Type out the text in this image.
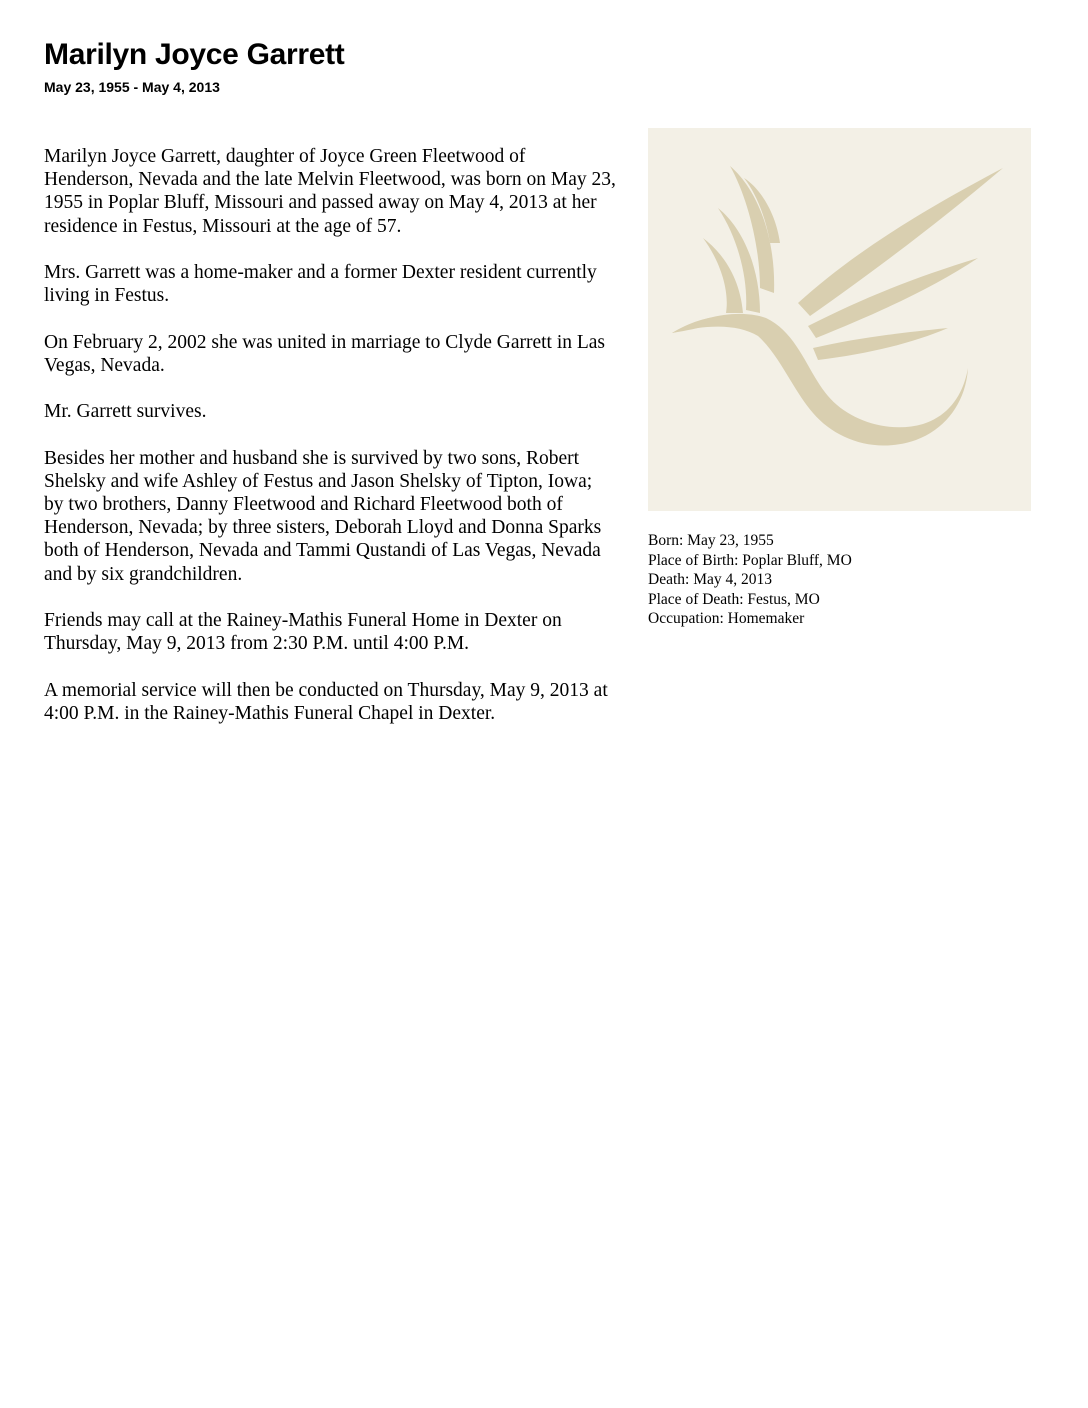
Marilyn Joyce Garrett
May 23, 1955 - May 4, 2013

Marilyn Joyce Garrett, daughter of Joyce Green Fleetwood of Henderson, Nevada and the late Melvin Fleetwood, was born on May 23, 1955 in Poplar Bluff, Missouri and passed away on May 4, 2013 at her residence in Festus, Missouri at the age of 57.

Mrs. Garrett was a home-maker and a former Dexter resident currently living in Festus.

On February 2, 2002 she was united in marriage to Clyde Garrett in Las Vegas, Nevada.

Mr. Garrett survives.

Besides her mother and husband she is survived by two sons, Robert Shelsky and wife Ashley of Festus and Jason Shelsky of Tipton, Iowa; by two brothers, Danny Fleetwood and Richard Fleetwood both of Henderson, Nevada; by three sisters, Deborah Lloyd and Donna Sparks both of Henderson, Nevada and Tammi Qustandi of Las Vegas, Nevada and by six grandchildren.

Friends may call at the Rainey-Mathis Funeral Home in Dexter on Thursday, May 9, 2013 from 2:30 P.M. until 4:00 P.M.

A memorial service will then be conducted on Thursday, May 9, 2013 at 4:00 P.M. in the Rainey-Mathis Funeral Chapel in Dexter.

Born: May 23, 1955
Place of Birth: Poplar Bluff, MO
Death: May 4, 2013
Place of Death: Festus, MO
Occupation: Homemaker
